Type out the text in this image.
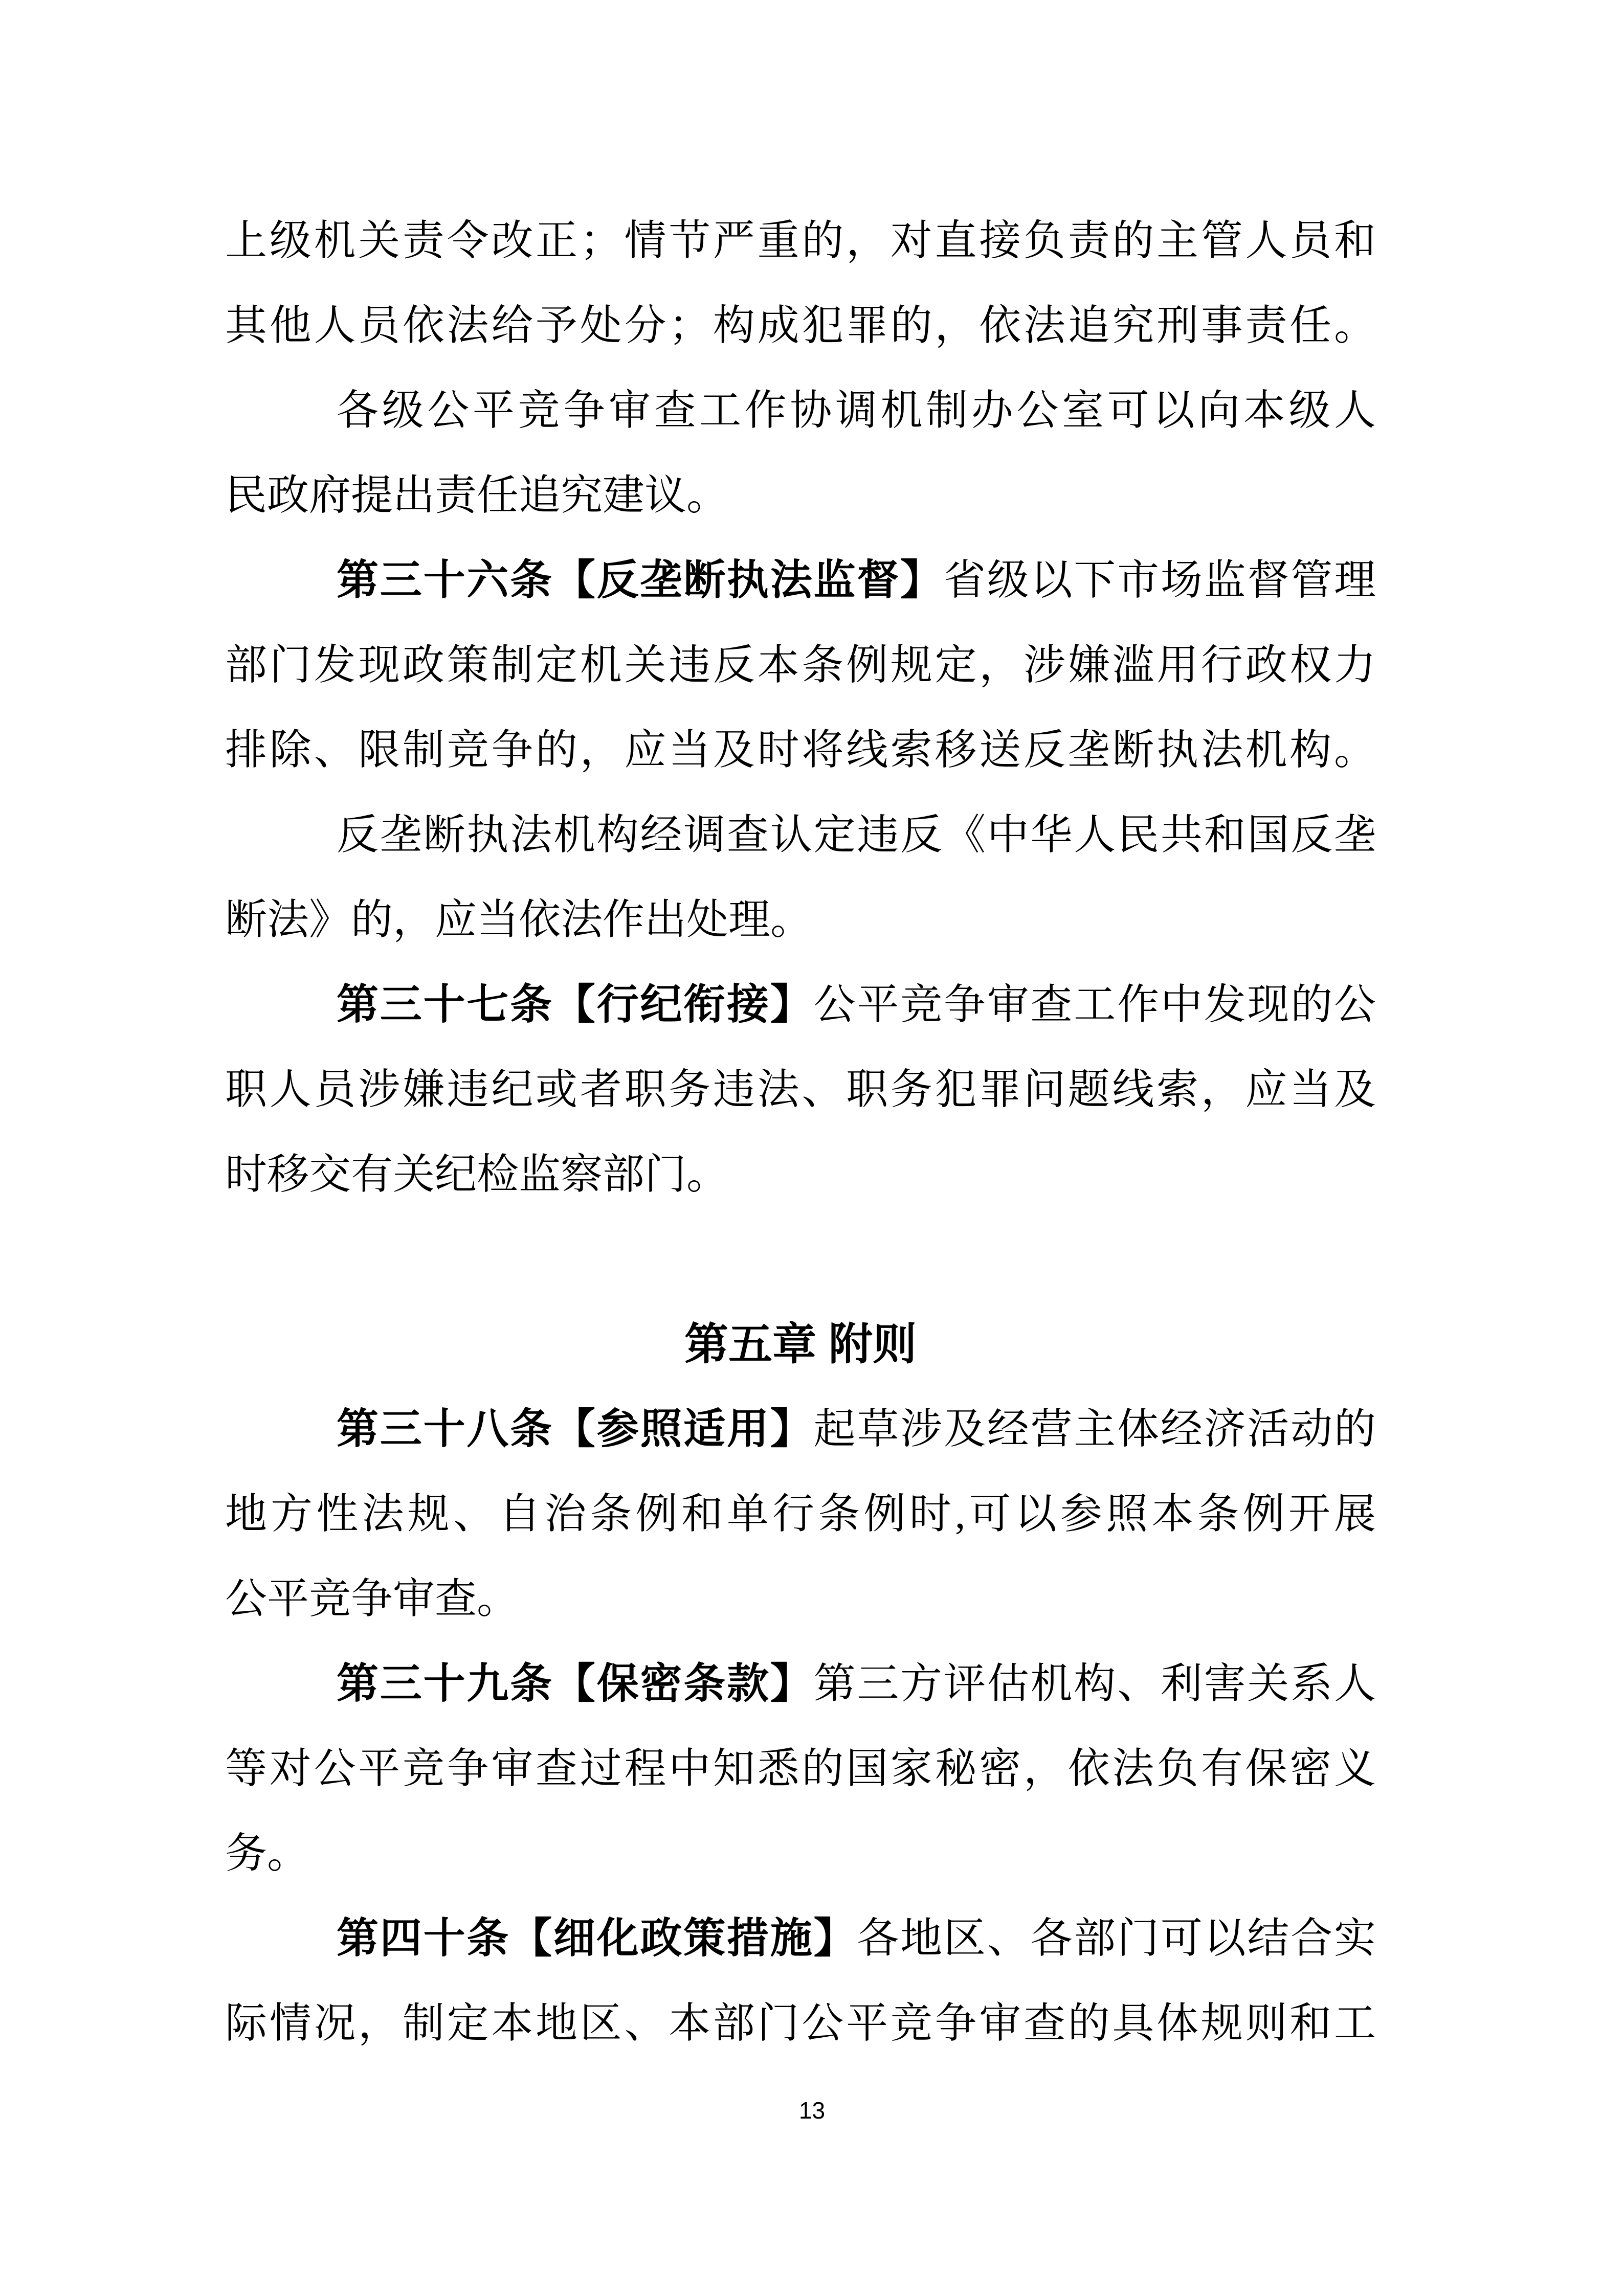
上级机关责令改正；情节严重的，对直接负责的主管人员和
其他人员依法给予处分；构成犯罪的，依法追究刑事责任。
各级公平竞争审查工作协调机制办公室可以向本级人
民政府提出责任追究建议。
第三十六条【反垄断执法监督】省级以下市场监督管理
部门发现政策制定机关违反本条例规定，涉嫌滥用行政权力
排除、限制竞争的，应当及时将线索移送反垄断执法机构。
反垄断执法机构经调查认定违反《中华人民共和国反垄
断法》的，应当依法作出处理。
第三十七条【行纪衔接】公平竞争审查工作中发现的公
职人员涉嫌违纪或者职务违法、职务犯罪问题线索，应当及
时移交有关纪检监察部门。
第五章 附则
第三十八条【参照适用】起草涉及经营主体经济活动的
地方性法规、自治条例和单行条例时,可以参照本条例开展
公平竞争审查。
第三十九条【保密条款】第三方评估机构、利害关系人
等对公平竞争审查过程中知悉的国家秘密，依法负有保密义
务。
第四十条【细化政策措施】各地区、各部门可以结合实
际情况，制定本地区、本部门公平竞争审查的具体规则和工
13
